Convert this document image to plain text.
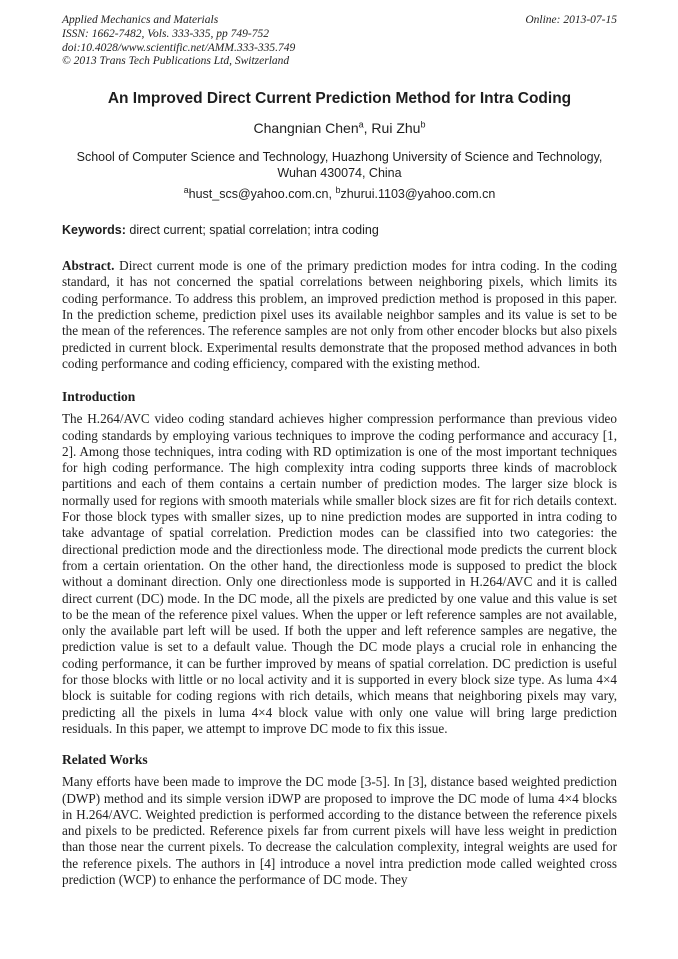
Applied Mechanics and Materials
ISSN: 1662-7482, Vols. 333-335, pp 749-752
doi:10.4028/www.scientific.net/AMM.333-335.749
© 2013 Trans Tech Publications Ltd, Switzerland
Online: 2013-07-15
An Improved Direct Current Prediction Method for Intra Coding
Changnian Chen$^a$, Rui Zhu$^b$
School of Computer Science and Technology, Huazhong University of Science and Technology,
Wuhan 430074, China
$^a$hust_scs@yahoo.com.cn, $^b$zhurui.1103@yahoo.com.cn
Keywords: direct current; spatial correlation; intra coding
Abstract. Direct current mode is one of the primary prediction modes for intra coding. In the coding standard, it has not concerned the spatial correlations between neighboring pixels, which limits its coding performance. To address this problem, an improved prediction method is proposed in this paper. In the prediction scheme, prediction pixel uses its available neighbor samples and its value is set to be the mean of the references. The reference samples are not only from other encoder blocks but also pixels predicted in current block. Experimental results demonstrate that the proposed method advances in both coding performance and coding efficiency, compared with the existing method.
Introduction
The H.264/AVC video coding standard achieves higher compression performance than previous video coding standards by employing various techniques to improve the coding performance and accuracy [1, 2]. Among those techniques, intra coding with RD optimization is one of the most important techniques for high coding performance. The high complexity intra coding supports three kinds of macroblock partitions and each of them contains a certain number of prediction modes. The larger size block is normally used for regions with smooth materials while smaller block sizes are fit for rich details context. For those block types with smaller sizes, up to nine prediction modes are supported in intra coding to take advantage of spatial correlation. Prediction modes can be classified into two categories: the directional prediction mode and the directionless mode. The directional mode predicts the current block from a certain orientation. On the other hand, the directionless mode is supposed to predict the block without a dominant direction. Only one directionless mode is supported in H.264/AVC and it is called direct current (DC) mode. In the DC mode, all the pixels are predicted by one value and this value is set to be the mean of the reference pixel values. When the upper or left reference samples are not available, only the available part left will be used. If both the upper and left reference samples are negative, the prediction value is set to a default value. Though the DC mode plays a crucial role in enhancing the coding performance, it can be further improved by means of spatial correlation. DC prediction is useful for those blocks with little or no local activity and it is supported in every block size type. As luma 4×4 block is suitable for coding regions with rich details, which means that neighboring pixels may vary, predicting all the pixels in luma 4×4 block value with only one value will bring large prediction residuals. In this paper, we attempt to improve DC mode to fix this issue.
Related Works
Many efforts have been made to improve the DC mode [3-5]. In [3], distance based weighted prediction (DWP) method and its simple version iDWP are proposed to improve the DC mode of luma 4×4 blocks in H.264/AVC. Weighted prediction is performed according to the distance between the reference pixels and pixels to be predicted. Reference pixels far from current pixels will have less weight in prediction than those near the current pixels. To decrease the calculation complexity, integral weights are used for the reference pixels. The authors in [4] introduce a novel intra prediction mode called weighted cross prediction (WCP) to enhance the performance of DC mode. They
